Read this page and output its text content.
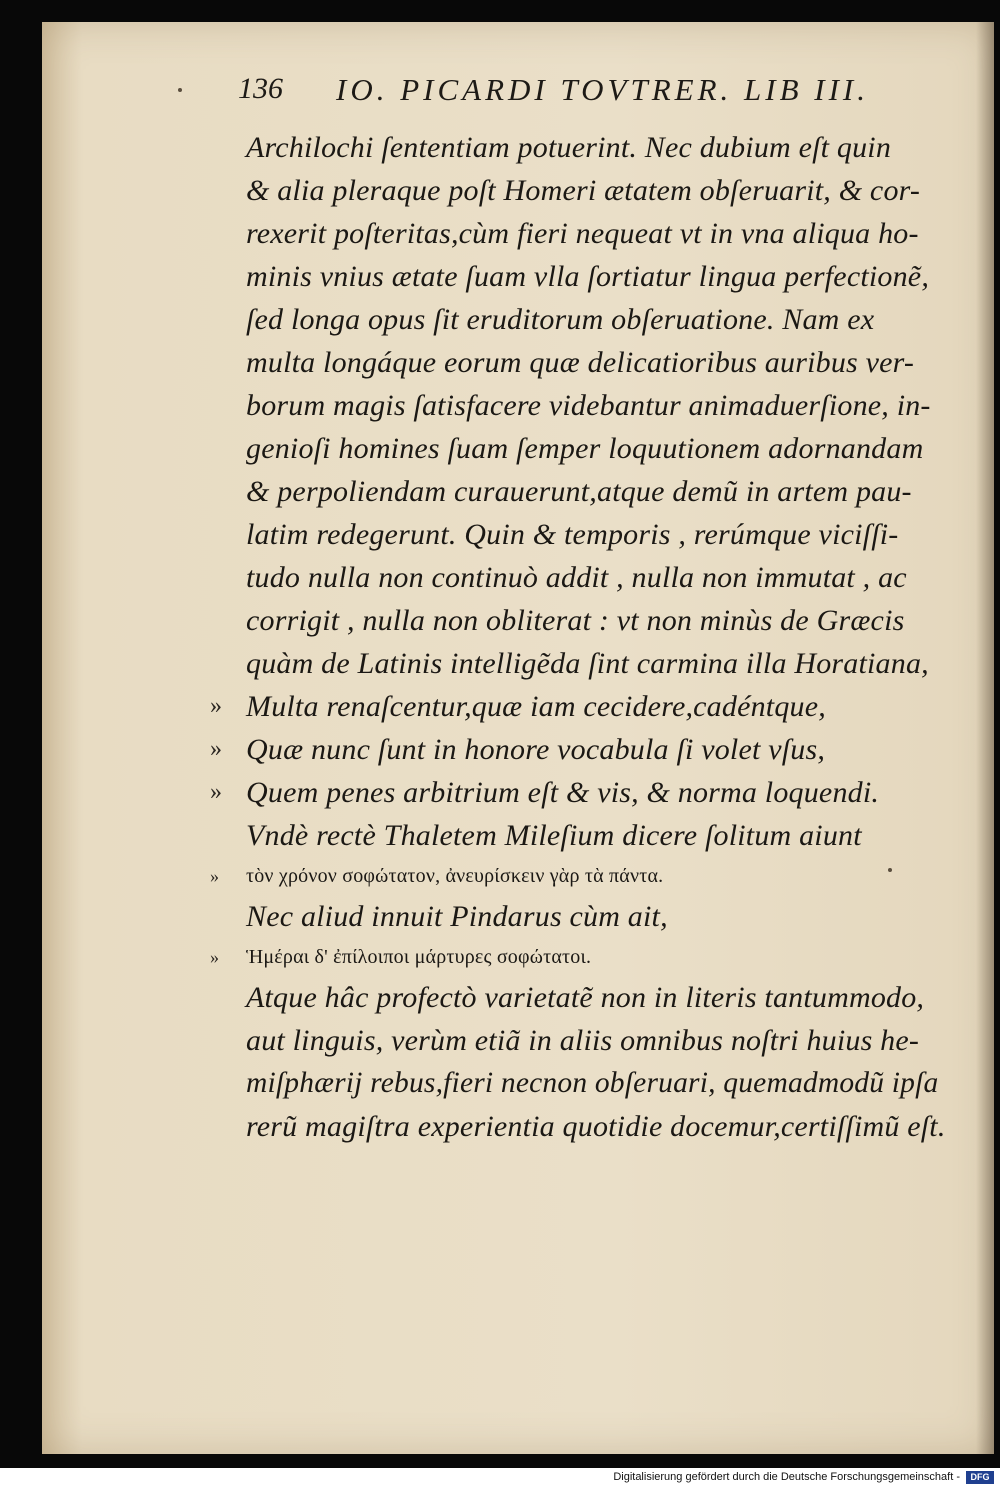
136 IO. PICARDI TOVTRER. LIB III.
Archilochi ſententiam potuerint. Nec dubium eſt quin
& alia pleraque poſt Homeri ætatem obſeruarit, & cor-
rexerit poſteritas,cùm fieri nequeat vt in vna aliqua ho-
minis vnius ætate ſuam vlla ſortiatur lingua perfectionẽ,
ſed longa opus ſit eruditorum obſeruatione. Nam ex
multa longáque eorum quæ delicatioribus auribus ver-
borum magis ſatisfacere videbantur animaduerſione, in-
genioſi homines ſuam ſemper loquutionem adornandam
& perpoliendam curauerunt,atque demũ in artem pau-
latim redegerunt. Quin & temporis , rerúmque viciſſi-
tudo nulla non continuò addit , nulla non immutat , ac
corrigit , nulla non obliterat : vt non minùs de Græcis
quàm de Latinis intelligẽda ſint carmina illa Horatiana,
» Multa renaſcentur,quæ iam cecidere,cadéntque,
» Quæ nunc ſunt in honore vocabula ſi volet vſus,
» Quem penes arbitrium eſt & vis, & norma loquendi.
Vndè rectè Thaletem Mileſium dicere ſolitum aiunt
» τὸν χρόνον σοφώτατον, ἀνευρίσκειν γὰρ τὰ πάντα.
Nec aliud innuit Pindarus cùm ait,
» Ἡμέραι δ' ἐπίλοιποι μάρτυρες σοφώτατοι.
Atque hâc profectò varietatẽ non in literis tantummodo,
aut linguis, verùm etiã in aliis omnibus noſtri huius he-
miſphærij rebus,fieri necnon obſeruari, quemadmodũ ipſa
rerũ magiſtra experientia quotidie docemur,certiſſimũ eſt.
Digitalisierung gefördert durch die Deutsche Forschungsgemeinschaft -	DFG
